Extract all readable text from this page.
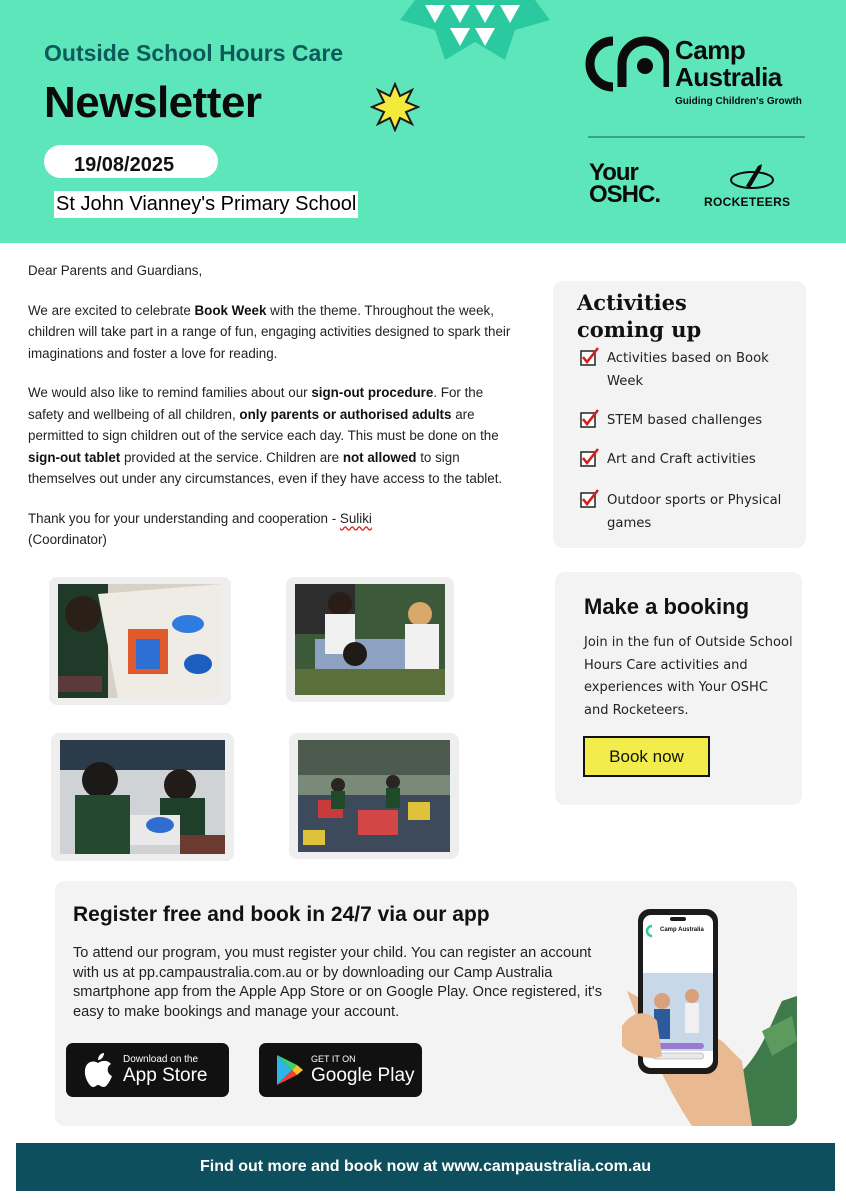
Outside School Hours Care
Newsletter
19/08/2025
St John Vianney's Primary School
Camp
Australia
Guiding Children's Growth
Your
OSHC.	ROCKETEERS

Dear Parents and Guardians,

We are excited to celebrate Book Week with the theme. Throughout the week, children will take part in a range of fun, engaging activities designed to spark their imaginations and foster a love for reading.

We would also like to remind families about our sign-out procedure. For the safety and wellbeing of all children, only parents or authorised adults are permitted to sign children out of the service each day. This must be done on the sign-out tablet provided at the service. Children are not allowed to sign themselves out under any circumstances, even if they have access to the tablet.

Thank you for your understanding and cooperation - Suliki
(Coordinator)

Activities
coming up
Activities based on Book Week
STEM based challenges
Art and Craft activities
Outdoor sports or Physical games
Make a booking
Join in the fun of Outside School Hours Care activities and experiences with Your OSHC and Rocketeers.
Book now
Register free and book in 24/7 via our app
To attend our program, you must register your child. You can register an account with us at pp.campaustralia.com.au or by downloading our Camp Australia smartphone app from the Apple App Store or on Google Play. Once registered, it's easy to make bookings and manage your account.
Download on the
App Store
GET IT ON
Google Play
Camp Australia
Find out more and book now at www.campaustralia.com.au
